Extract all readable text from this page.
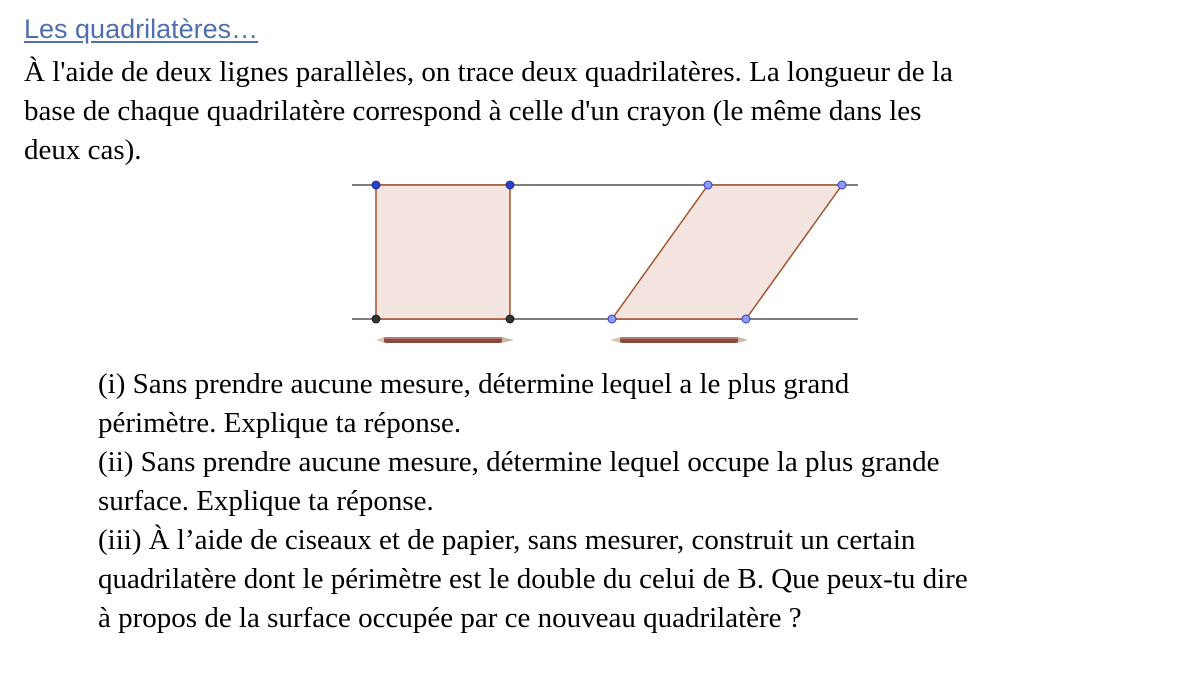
Les quadrilatères…
À l'aide de deux lignes parallèles, on trace deux quadrilatères. La longueur de la
base de chaque quadrilatère correspond à celle d'un crayon (le même dans les
deux cas).
(i) Sans prendre aucune mesure, détermine lequel a le plus grand
périmètre. Explique ta réponse.
(ii) Sans prendre aucune mesure, détermine lequel occupe la plus grande
surface. Explique ta réponse.
(iii) À l’aide de ciseaux et de papier, sans mesurer, construit un certain
quadrilatère dont le périmètre est le double du celui de B. Que peux-tu dire
à propos de la surface occupée par ce nouveau quadrilatère ?
